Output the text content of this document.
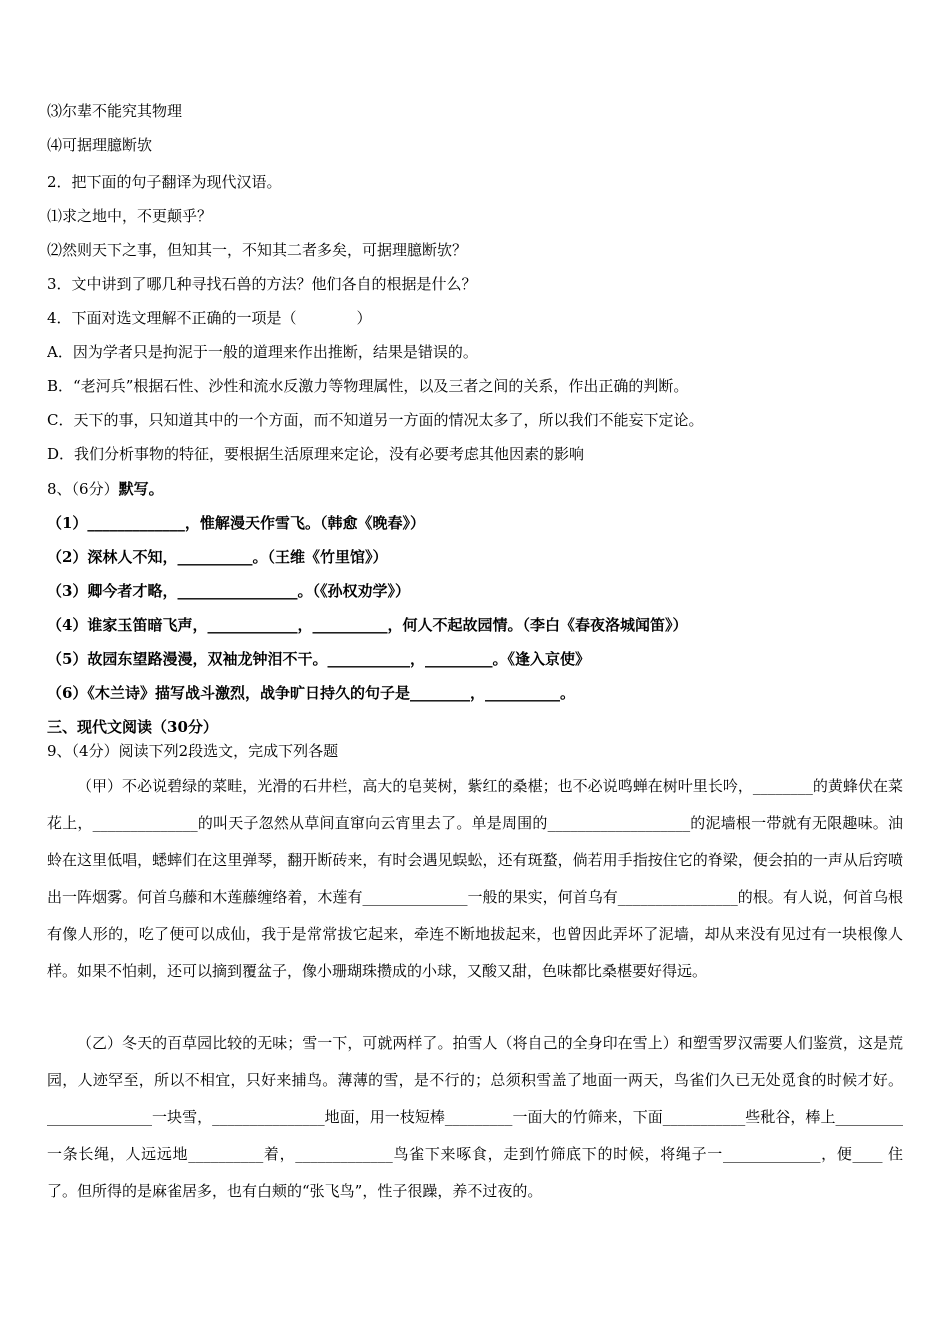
⑶尔辈不能究其物理
⑷可据理臆断欤
2．把下面的句子翻译为现代汉语。
⑴求之地中，不更颠乎？
⑵然则天下之事，但知其一，不知其二者多矣，可据理臆断欤？
3．文中讲到了哪几种寻找石兽的方法？他们各自的根据是什么？
4．下面对选文理解不正确的一项是（　　　　）
A．因为学者只是拘泥于一般的道理来作出推断，结果是错误的。
B．“老河兵”根据石性、沙性和流水反激力等物理属性，以及三者之间的关系，作出正确的判断。
C．天下的事，只知道其中的一个方面，而不知道另一方面的情况太多了，所以我们不能妄下定论。
D．我们分析事物的特征，要根据生活原理来定论，没有必要考虑其他因素的影响
8、（6分）默写。
（1）_____________，惟解漫天作雪飞。（韩愈《晚春》）
（2）深林人不知，__________。（王维《竹里馆》）
（3）卿今者才略，________________。（《孙权劝学》）
（4）谁家玉笛暗飞声，____________，__________，何人不起故园情。（李白《春夜洛城闻笛》）
（5）故园东望路漫漫，双袖龙钟泪不干。___________，_________。《逢入京使》
（6）《木兰诗》描写战斗激烈，战争旷日持久的句子是________，__________。
三、现代文阅读（30分）
9、（4分）阅读下列2段选文，完成下列各题

（甲）不必说碧绿的菜畦，光滑的石井栏，高大的皂荚树，紫红的桑椹；也不必说鸣蝉在树叶里长吟，________的黄蜂伏在菜花上，______________的叫天子忽然从草间直窜向云宵里去了。单是周围的___________________的泥墙根一带就有无限趣味。油蛉在这里低唱，蟋蟀们在这里弹琴，翻开断砖来，有时会遇见蜈蚣，还有斑蝥，倘若用手指按住它的脊梁，便会拍的一声从后窍喷出一阵烟雾。何首乌藤和木莲藤缠络着，木莲有______________一般的果实，何首乌有________________的根。有人说，何首乌根有像人形的，吃了便可以成仙，我于是常常拔它起来，牵连不断地拔起来，也曾因此弄坏了泥墙，却从来没有见过有一块根像人样。如果不怕刺，还可以摘到覆盆子，像小珊瑚珠攒成的小球，又酸又甜，色味都比桑椹要好得远。

（乙）冬天的百草园比较的无味；雪一下，可就两样了。拍雪人（将自己的全身印在雪上）和塑雪罗汉需要人们鉴赏，这是荒园，人迹罕至，所以不相宜，只好来捕鸟。薄薄的雪，是不行的；总须积雪盖了地面一两天，鸟雀们久已无处觅食的时候才好。______________一块雪，_______________地面，用一枝短棒_________一面大的竹筛来，下面___________些秕谷，棒上_________一条长绳，人远远地__________着，_____________鸟雀下来啄食，走到竹筛底下的时候，将绳子一_____________，便____ 住了。但所得的是麻雀居多，也有白颊的“张飞鸟”，性子很躁，养不过夜的。
